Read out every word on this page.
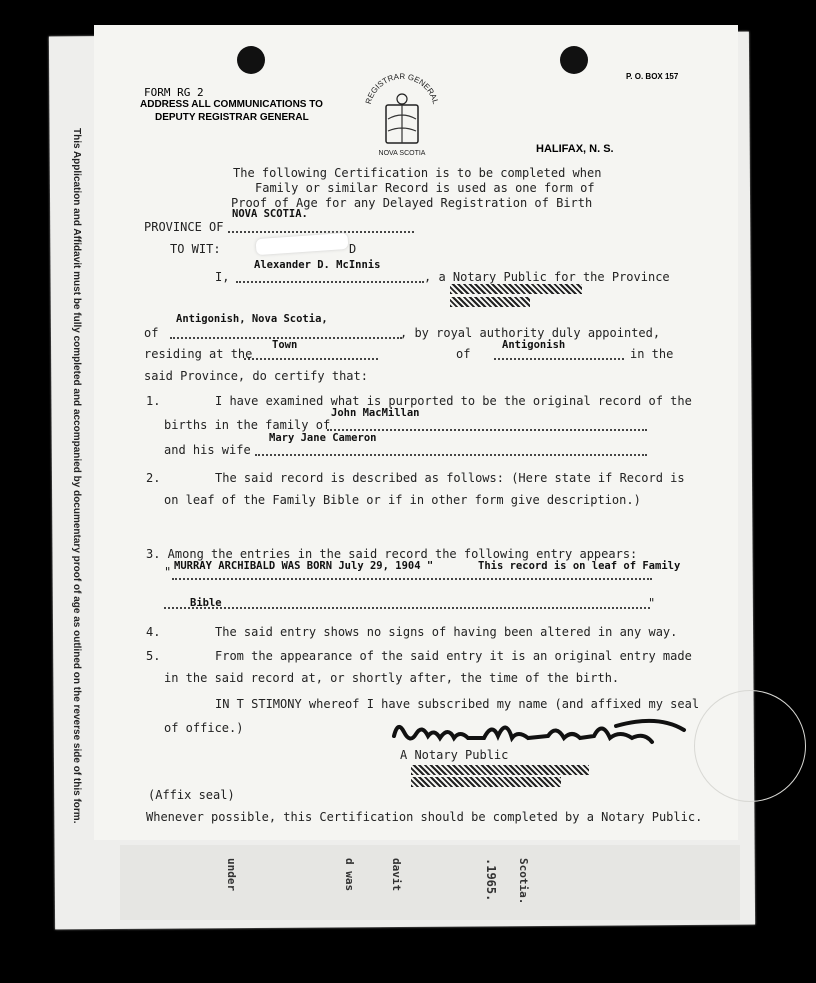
This Application and Affidavit must be fully completed and accompanied by documentary proof of age as outlined on the reverse side of this form.
under	d was	davit	.1965. Scotia.
FORM RG 2
ADDRESS ALL COMMUNICATIONS TO
DEPUTY REGISTRAR GENERAL
P. O. BOX 157
HALIFAX, N. S.
REGISTRAR GENERAL
NOVA SCOTIA
The following Certification is to be completed when
Family or similar Record is used as one form of
Proof of Age for any Delayed Registration of Birth
NOVA SCOTIA.
PROVINCE OF
TO WIT:	D
Alexander D. McInnis
I,	, a Notary Public for the Province
Antigonish, Nova Scotia,
of	, by royal authority duly appointed,
residing at the
Town
of
Antigonish
in the
said Province, do certify that:
1.	I have examined what is purported to be the original record of the
John MacMillan
births in the family of
Mary Jane Cameron
and his wife
2.	The said record is described as follows: (Here state if Record is
on leaf of the Family Bible or if in other form give description.)
3. Among the entries in the said record the following entry appears:
" MURRAY ARCHIBALD WAS BORN July 29, 1904 "	This record is on leaf of Family
Bible	"
4.	The said entry shows no signs of having been altered in any way.
5.	From the appearance of the said entry it is an original entry made
in the said record at, or shortly after, the time of the birth.
IN T STIMONY whereof I have subscribed my name (and affixed my seal
of office.)
A Notary Public
(Affix seal)
Whenever possible, this Certification should be completed by a Notary Public.
